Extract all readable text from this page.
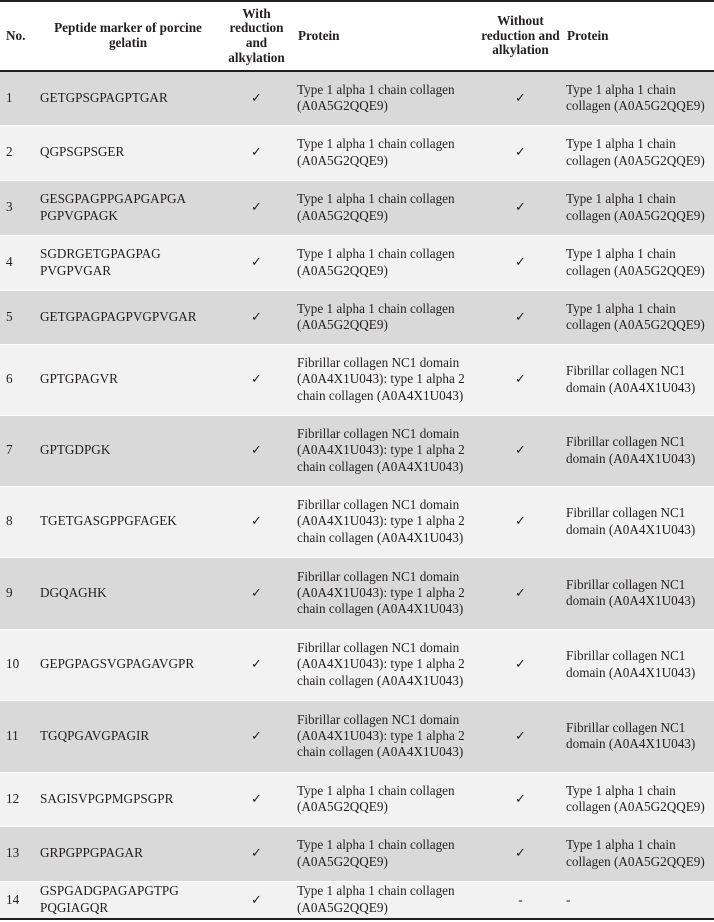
No.	Peptide marker of porcine gelatin	With reduction and alkylation	Protein	Without reduction and alkylation	Protein
1	GETGPSGPAGPTGAR	✓	Type 1 alpha 1 chain collagen (A0A5G2QQE9)	✓	Type 1 alpha 1 chain collagen (A0A5G2QQE9)
2	QGPSGPSGER	✓	Type 1 alpha 1 chain collagen (A0A5G2QQE9)	✓	Type 1 alpha 1 chain collagen (A0A5G2QQE9)
3	GESGPAGPPGAPGAPGA PGPVGPAGK	✓	Type 1 alpha 1 chain collagen (A0A5G2QQE9)	✓	Type 1 alpha 1 chain collagen (A0A5G2QQE9)
4	SGDRGETGPAGPAG PVGPVGAR	✓	Type 1 alpha 1 chain collagen (A0A5G2QQE9)	✓	Type 1 alpha 1 chain collagen (A0A5G2QQE9)
5	GETGPAGPAGPVGPVGAR	✓	Type 1 alpha 1 chain collagen (A0A5G2QQE9)	✓	Type 1 alpha 1 chain collagen (A0A5G2QQE9)
6	GPTGPAGVR	✓	Fibrillar collagen NC1 domain (A0A4X1U043): type 1 alpha 2 chain collagen (A0A4X1U043)	✓	Fibrillar collagen NC1 domain (A0A4X1U043)
7	GPTGDPGK	✓	Fibrillar collagen NC1 domain (A0A4X1U043): type 1 alpha 2 chain collagen (A0A4X1U043)	✓	Fibrillar collagen NC1 domain (A0A4X1U043)
8	TGETGASGPPGFAGEK	✓	Fibrillar collagen NC1 domain (A0A4X1U043): type 1 alpha 2 chain collagen (A0A4X1U043)	✓	Fibrillar collagen NC1 domain (A0A4X1U043)
9	DGQAGHK	✓	Fibrillar collagen NC1 domain (A0A4X1U043): type 1 alpha 2 chain collagen (A0A4X1U043)	✓	Fibrillar collagen NC1 domain (A0A4X1U043)
10	GEPGPAGSVGPAGAVGPR	✓	Fibrillar collagen NC1 domain (A0A4X1U043): type 1 alpha 2 chain collagen (A0A4X1U043)	✓	Fibrillar collagen NC1 domain (A0A4X1U043)
11	TGQPGAVGPAGIR	✓	Fibrillar collagen NC1 domain (A0A4X1U043): type 1 alpha 2 chain collagen (A0A4X1U043)	✓	Fibrillar collagen NC1 domain (A0A4X1U043)
12	SAGISVPGPMGPSGPR	✓	Type 1 alpha 1 chain collagen (A0A5G2QQE9)	✓	Type 1 alpha 1 chain collagen (A0A5G2QQE9)
13	GRPGPPGPAGAR	✓	Type 1 alpha 1 chain collagen (A0A5G2QQE9)	✓	Type 1 alpha 1 chain collagen (A0A5G2QQE9)
14	GSPGADGPAGAPGTPG PQGIAGQR	✓	Type 1 alpha 1 chain collagen (A0A5G2QQE9)	-	-
